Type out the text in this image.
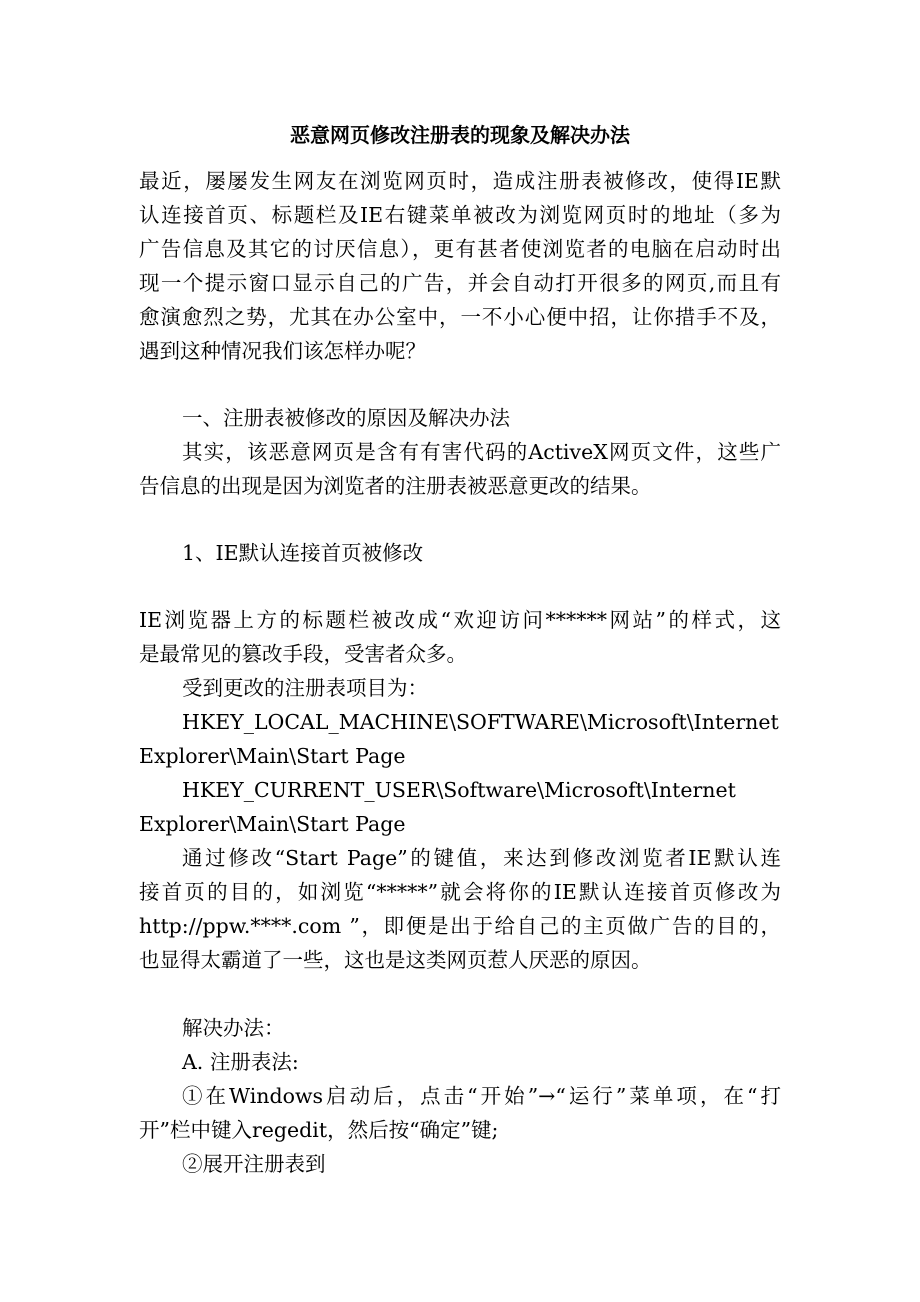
恶意网页修改注册表的现象及解决办法
最近，屡屡发生网友在浏览网页时，造成注册表被修改，使得IE默
认连接首页、标题栏及IE右键菜单被改为浏览网页时的地址（多为
广告信息及其它的讨厌信息），更有甚者使浏览者的电脑在启动时出
现一个提示窗口显示自己的广告，并会自动打开很多的网页,而且有
愈演愈烈之势，尤其在办公室中，一不小心便中招，让你措手不及，
遇到这种情况我们该怎样办呢？
一、注册表被修改的原因及解决办法
其实，该恶意网页是含有有害代码的ActiveX网页文件，这些广
告信息的出现是因为浏览者的注册表被恶意更改的结果。
1、IE默认连接首页被修改
IE浏览器上方的标题栏被改成“欢迎访问******网站”的样式，这
是最常见的篡改手段，受害者众多。
受到更改的注册表项目为：
HKEY_LOCAL_MACHINE\SOFTWARE\Microsoft\Internet
Explorer\Main\Start Page
HKEY_CURRENT_USER\Software\Microsoft\Internet
Explorer\Main\Start Page
通过修改“Start Page”的键值，来达到修改浏览者IE默认连
接首页的目的，如浏览“*****”就会将你的IE默认连接首页修改为
http://ppw.****.com ”，即便是出于给自己的主页做广告的目的，
也显得太霸道了一些，这也是这类网页惹人厌恶的原因。
解决办法：
A. 注册表法:
①在Windows启动后，点击“开始”→“运行”菜单项，在“打
开”栏中键入regedit，然后按“确定”键;
②展开注册表到
